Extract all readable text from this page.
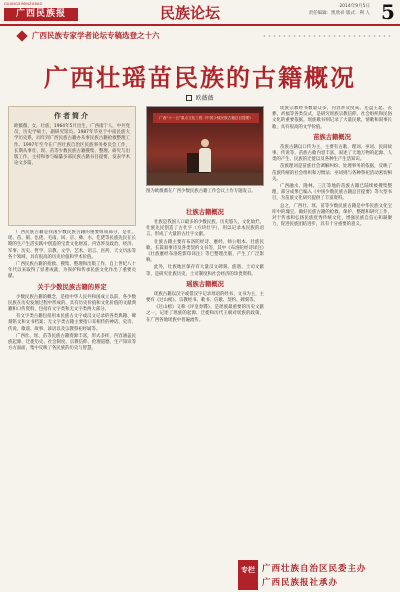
GUANGXIMINZUBAO
广西民族报	民族论坛	2014年9月5日
责任编辑：凯欣祥 版式：利 人 5
广西民族专家学者论坛专稿选登之十六
广西壮瑶苗民族的古籍概况
欧薇薇
作者简介
欧薇薇，女，壮族，1964年5月出生，广西南宁人，中共党员，历史学硕士，副研究馆员。1987年毕业于中南民族大学历史系，同年到广西民族古籍办从事民族古籍抢救整理工作。1997年至今在广西壮族自治区民族事务委员会工作，长期从事壮、瑶、苗等少数民族古籍搜集、整理、研究与出版工作，主持和参与编纂多部民族古籍书目提要，发表学术论文多篇。
广西“十一五”重点文化工程《中国少数民族古籍总目提要》
图为欧薇薇在广西少数民族古籍工作会议上作专题发言。

广西民族古籍是我国少数民族古籍的重要组成部分，是壮、瑶、苗、侗、仫佬、毛南、回、京、彝、水、仡佬等民族先民在长期的生产生活实践中创造的宝贵文化财富，内容涉及政治、经济、军事、历史、哲学、宗教、文学、艺术、语言、医药、天文历法等各个领域，具有很高的历史价值和学术价值。

广西民族古籍的抢救、搜集、整理和出版工作，自上世纪八十年代以来取得了显著成就，为保护和传承民族文化作出了重要贡献。

关于少数民族古籍的界定

少数民族古籍的概念，是指中华人民共和国成立以前，各少数民族在历史发展过程中形成的、具有历史价值和文化价值的文献典籍和口传资料，包括有文字类和无文字类两大部分。

有文字类古籍包括用本民族古文字或汉文记录的各类典籍、碑刻铭文和文书档案；无文字类古籍主要指口耳相传的神话、史诗、传说、歌谣、故事、谚语以及宗教祭祀经诵等。

广西壮、瑶、苗等民族古籍资源丰富，形式多样，内容涵盖民族起源、迁徙历史、社会制度、宗教信仰、伦理道德、生产知识等方方面面，集中反映了各民族的历史与智慧。

壮族古籍概况

壮族是我国人口最多的少数民族，历史悠久，文化灿烂。壮族先民创造了古壮字（方块壮字），用以记录本民族的语言，形成了大量的古壮字文献。

壮族古籍主要有布洛陀经诗、麽经、师公唱本、壮族民歌、长篇叙事诗及各类契约文书等，其中《布洛陀经诗译注》《壮族麽经布洛陀影印译注》等已整理出版，产生了广泛影响。

此外，壮族地区保存有大量汉文碑刻、族谱、土司文献等，是研究壮族历史、土司制度和社会经济的珍贵资料。

瑶族古籍概况

瑶族古籍以汉字或借汉字记录瑶语的经书、文书为主，主要有《过山榜》、宗教经书、歌书、信歌、契约、碑刻等。

《过山榜》又称《评皇券牒》，是瑶族最重要的历史文献之一，记述了瑶族的起源、迁徙和历代王朝对瑶族的政策，在广西各地瑶族中普遍流传。

瑶族宗教经书数量众多，内容涉及度戒、还盘王愿、丧葬、祈福等各类仪式，是研究瑶族宗教信仰、社会组织和民俗文化的重要依据。瑶族歌书则记录了大量民歌、情歌和叙事长歌，具有很高的文学价值。

苗族古籍概况

苗族古籍以口传为主，主要有古歌、理词、巫词、民间故事、传说等。苗族古歌内容丰富，叙述了天地万物的起源、人类的产生、民族的迁徙以及各种生产生活知识。

苗族理词是苗族社会调解纠纷、处理事务的依据，反映了苗族传统的社会组织和习惯法；巫词则与各种祭祀活动密切相关。

广西融水、隆林、三江等地的苗族古籍已陆续被搜集整理，部分成果已编入《中国少数民族古籍总目提要》等大型书目，为苗族文化研究提供了丰富资料。

总之，广西壮、瑶、苗等少数民族古籍是中华民族文化宝库中的瑰宝。做好民族古籍的抢救、保护、整理和研究工作，对于传承和弘扬民族优秀传统文化，增强民族自信心和凝聚力，促进民族团结进步，具有十分重要的意义。

专栏 广西壮族自治区民委主办
广西民族报社承办
